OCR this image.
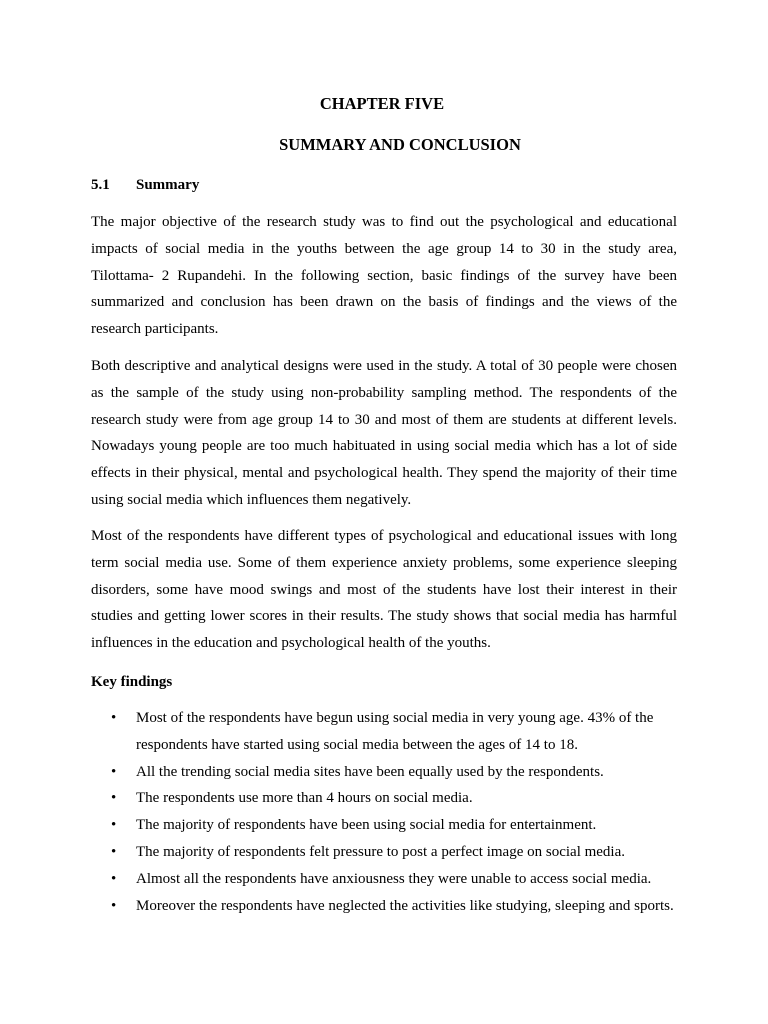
CHAPTER FIVE
SUMMARY AND CONCLUSION
5.1 Summary

The major objective of the research study was to find out the psychological and educational impacts of social media in the youths between the age group 14 to 30 in the study area, Tilottama- 2 Rupandehi. In the following section, basic findings of the survey have been summarized and conclusion has been drawn on the basis of findings and the views of the research participants.

Both descriptive and analytical designs were used in the study. A total of 30 people were chosen as the sample of the study using non-probability sampling method. The respondents of the research study were from age group 14 to 30 and most of them are students at different levels. Nowadays young people are too much habituated in using social media which has a lot of side effects in their physical, mental and psychological health. They spend the majority of their time using social media which influences them negatively.

Most of the respondents have different types of psychological and educational issues with long term social media use. Some of them experience anxiety problems, some experience sleeping disorders, some have mood swings and most of the students have lost their interest in their studies and getting lower scores in their results. The study shows that social media has harmful influences in the education and psychological health of the youths.

Key findings
• Most of the respondents have begun using social media in very young age. 43% of the respondents have started using social media between the ages of 14 to 18.
• All the trending social media sites have been equally used by the respondents.
• The respondents use more than 4 hours on social media.
• The majority of respondents have been using social media for entertainment.
• The majority of respondents felt pressure to post a perfect image on social media.
• Almost all the respondents have anxiousness they were unable to access social media.
• Moreover the respondents have neglected the activities like studying, sleeping and sports.
